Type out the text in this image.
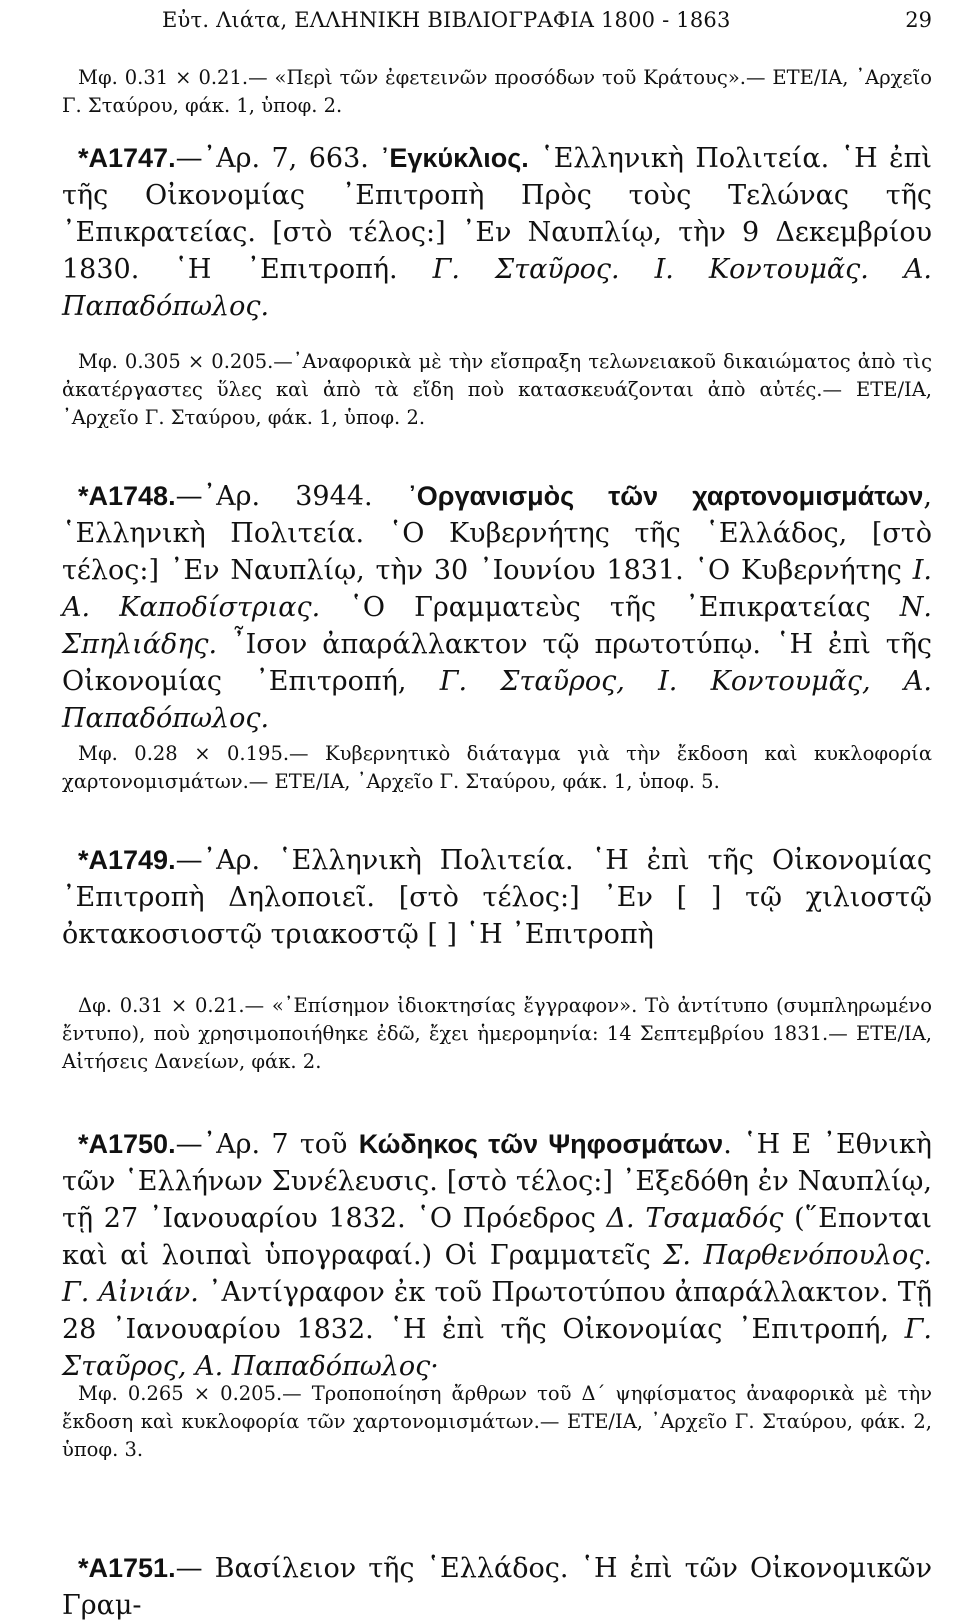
Εὐτ. Λιάτα, ΕΛΛΗΝΙΚΗ ΒΙΒΛΙΟΓΡΑΦΙΑ 1800 - 1863	29

Μφ. 0.31 × 0.21.— «Περὶ τῶν ἐφετεινῶν προσόδων τοῦ Κράτους».— ΕΤΕ/ΙΑ, ᾿Αρχεῖο Γ. Σταύρου, φάκ. 1, ὑποφ. 2.

*Α1747.—᾿Αρ. 7, 663. ᾿Εγκύκλιος. ῾Ελληνικὴ Πολιτεία. ῾Η ἐπὶ τῆς Οἰκονομίας ᾿Επιτροπὴ Πρὸς τοὺς Τελώνας τῆς ᾿Επικρατείας. [στὸ τέλος:] ᾿Εν Ναυπλίῳ, τὴν 9 Δεκεμβρίου 1830. ῾Η ᾿Επιτροπή. Γ. Σταῦρος. Ι. Κοντουμᾶς. Α. Παπαδόπωλος.

Μφ. 0.305 × 0.205.—᾿Αναφορικὰ μὲ τὴν εἴσπραξη τελωνειακοῦ δικαιώματος ἀπὸ τὶς ἀκατέργαστες ὕλες καὶ ἀπὸ τὰ εἴδη ποὺ κατασκευάζονται ἀπὸ αὐτές.— ΕΤΕ/ΙΑ, ᾿Αρχεῖο Γ. Σταύρου, φάκ. 1, ὑποφ. 2.

*Α1748.—᾿Αρ. 3944. ᾿Οργανισμὸς τῶν χαρτονομισμάτων, ῾Ελληνικὴ Πολιτεία. ῾Ο Κυβερνήτης τῆς ῾Ελλάδος, [στὸ τέλος:] ᾿Εν Ναυπλίῳ, τὴν 30 ᾿Ιουνίου 1831. ῾Ο Κυβερνήτης Ι. Α. Καποδίστριας. ῾Ο Γραμματεὺς τῆς ᾿Επικρατείας Ν. Σπηλιάδης. ῏Ισον ἀπαράλλακτον τῷ πρωτοτύπῳ. ῾Η ἐπὶ τῆς Οἰκονομίας ᾿Επιτροπή, Γ. Σταῦρος, Ι. Κοντουμᾶς, Α. Παπαδόπωλος.

Μφ. 0.28 × 0.195.— Κυβερνητικὸ διάταγμα γιὰ τὴν ἔκδοση καὶ κυκλοφορία χαρτονομισμάτων.— ΕΤΕ/ΙΑ, ᾿Αρχεῖο Γ. Σταύρου, φάκ. 1, ὑποφ. 5.

*Α1749.—᾿Αρ. ῾Ελληνικὴ Πολιτεία. ῾Η ἐπὶ τῆς Οἰκονομίας ᾿Επιτροπὴ Δηλοποιεῖ. [στὸ τέλος:] ᾿Εν [ ] τῷ χιλιοστῷ ὀκτακοσιοστῷ τριακοστῷ [ ] ῾Η ᾿Επιτροπὴ

Δφ. 0.31 × 0.21.— «᾿Επίσημον ἰδιοκτησίας ἔγγραφον». Τὸ ἀντίτυπο (συμπληρωμένο ἔντυπο), ποὺ χρησιμοποιήθηκε ἐδῶ, ἔχει ἡμερομηνία: 14 Σεπτεμβρίου 1831.— ΕΤΕ/ΙΑ, Αἰτήσεις Δανείων, φάκ. 2.

*Α1750.—᾿Αρ. 7 τοῦ Κώδηκος τῶν Ψηφοσμάτων. ῾Η Ε ᾿Εθνικὴ τῶν ῾Ελλήνων Συνέλευσις. [στὸ τέλος:] ᾿Εξεδόθη ἐν Ναυπλίῳ, τῇ 27 ᾿Ιανουαρίου 1832. ῾Ο Πρόεδρος Δ. Τσαμαδός (῞Επονται καὶ αἱ λοιπαὶ ὑπογραφαί.) Οἱ Γραμματεῖς Σ. Παρθενόπουλος. Γ. Αἰνιάν. ᾿Αντίγραφον ἐκ τοῦ Πρωτοτύπου ἀπαράλλακτον. Τῇ 28 ᾿Ιανουαρίου 1832. ῾Η ἐπὶ τῆς Οἰκονομίας ᾿Επιτροπή, Γ. Σταῦρος, Α. Παπαδόπωλος·

Μφ. 0.265 × 0.205.— Τροποποίηση ἄρθρων τοῦ Δ΄ ψηφίσματος ἀναφορικὰ μὲ τὴν ἔκδοση καὶ κυκλοφορία τῶν χαρτονομισμάτων.— ΕΤΕ/ΙΑ, ᾿Αρχεῖο Γ. Σταύρου, φάκ. 2, ὑποφ. 3.

*Α1751.— Βασίλειον τῆς ῾Ελλάδος. ῾Η ἐπὶ τῶν Οἰκονομικῶν Γραμ-
